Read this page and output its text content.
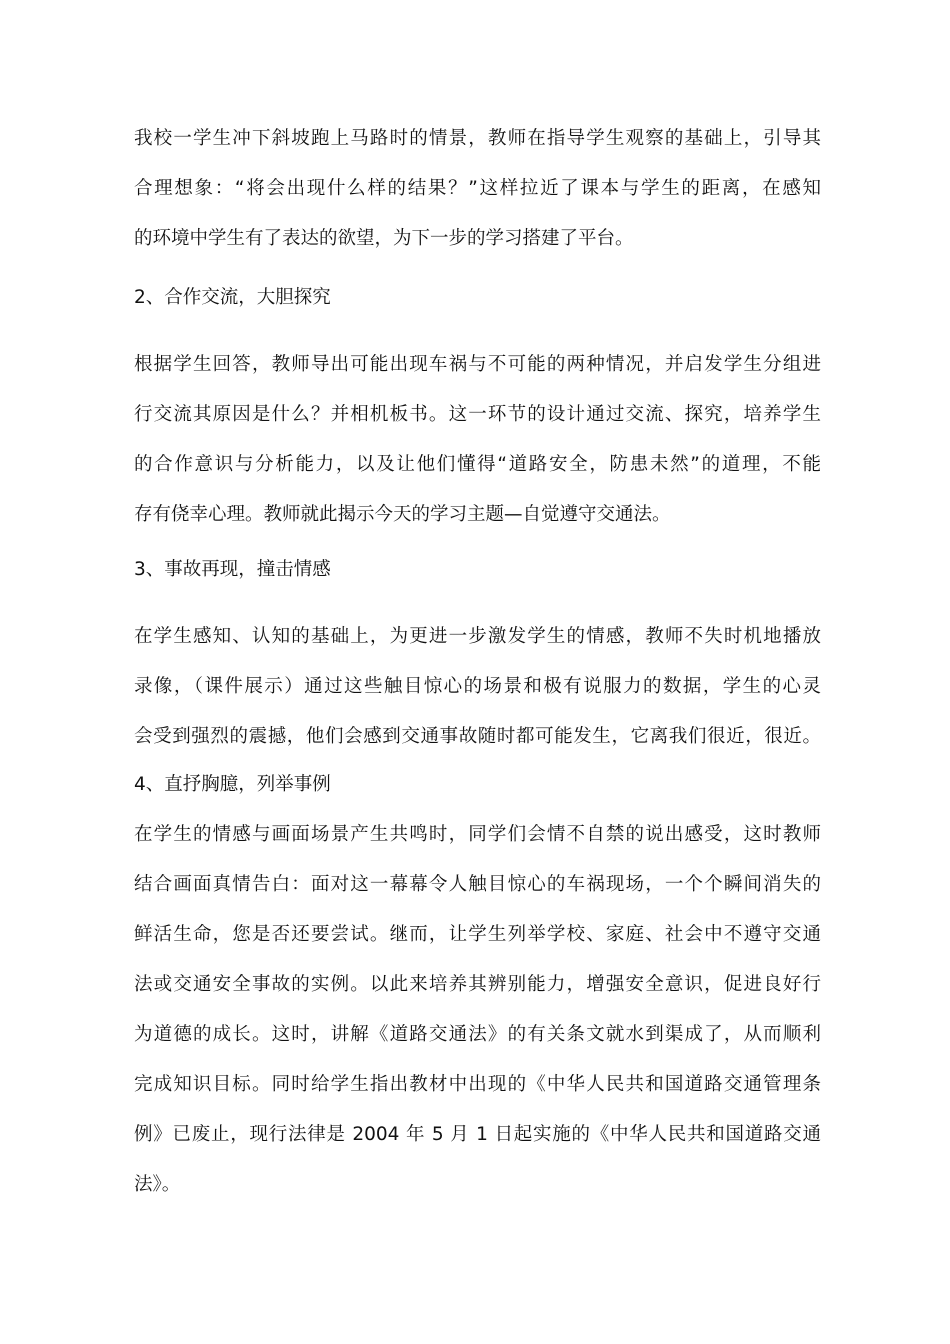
我校一学生冲下斜坡跑上马路时的情景，教师在指导学生观察的基础上，引导其
合理想象：“将会出现什么样的结果？”这样拉近了课本与学生的距离，在感知
的环境中学生有了表达的欲望，为下一步的学习搭建了平台。
2、合作交流，大胆探究
根据学生回答，教师导出可能出现车祸与不可能的两种情况，并启发学生分组进
行交流其原因是什么？并相机板书。这一环节的设计通过交流、探究，培养学生
的合作意识与分析能力，以及让他们懂得“道路安全，防患未然”的道理，不能
存有侥幸心理。教师就此揭示今天的学习主题—自觉遵守交通法。
3、事故再现，撞击情感
在学生感知、认知的基础上，为更进一步激发学生的情感，教师不失时机地播放
录像，（课件展示）通过这些触目惊心的场景和极有说服力的数据，学生的心灵
会受到强烈的震撼，他们会感到交通事故随时都可能发生，它离我们很近，很近。
4、直抒胸臆，列举事例
在学生的情感与画面场景产生共鸣时，同学们会情不自禁的说出感受，这时教师
结合画面真情告白：面对这一幕幕令人触目惊心的车祸现场，一个个瞬间消失的
鲜活生命，您是否还要尝试。继而，让学生列举学校、家庭、社会中不遵守交通
法或交通安全事故的实例。以此来培养其辨别能力，增强安全意识，促进良好行
为道德的成长。这时，讲解《道路交通法》的有关条文就水到渠成了，从而顺利
完成知识目标。同时给学生指出教材中出现的《中华人民共和国道路交通管理条
例》已废止，现行法律是 2004 年 5 月 1 日起实施的《中华人民共和国道路交通
法》。
